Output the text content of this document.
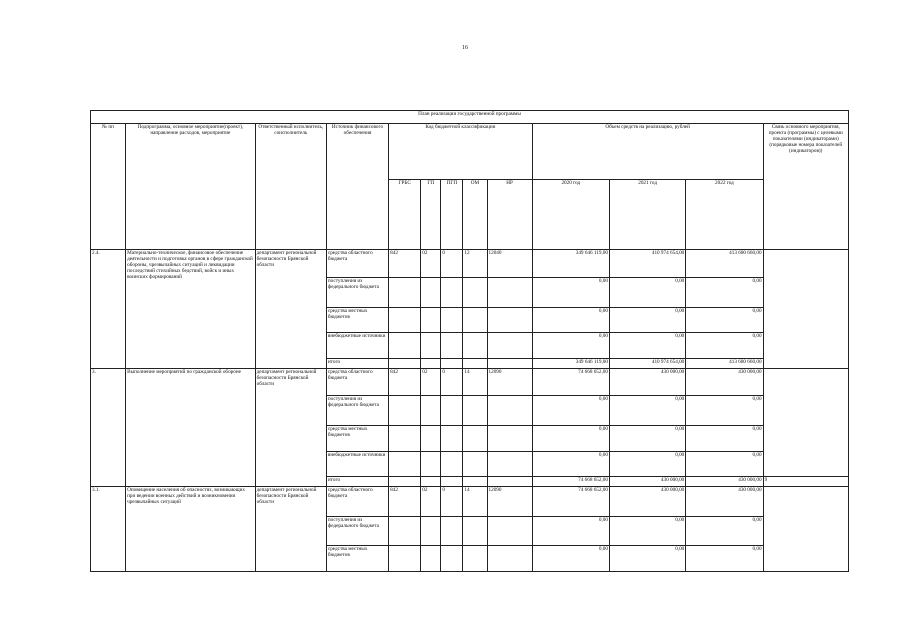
16
План реализации государственной программы												
№ пп	Подпрограмма, основное мероприятие(проект), направление расходов, мероприятие	Ответственный исполнитель, соисполнитель	Источник финансового обеспечения	Код бюджетной классификации					Объем средств на реализацию, рублей			Связь основного мероприятия, проекта (программы) с целевыми показателями (индикаторами) (порядковые номера показателей (индикаторов))
				ГРБС	ГП	ПГП	ОМ	НР	2020 год	2021 год	2022 год	
2.4.	Материально-техническое, финансовое обеспечение деятельности и подготовка органов в сфере гражданской обороны, чрезвычайных ситуаций и ликвидации последствий стихийных бедствий, войск и иных воинских формирований	департамент региональной безопасности Брянской области	средства областного бюджета	842	02	0	12	12040	349 646 119,00	410 974 654,00	413 680 660,00	
			поступления из федерального бюджета						0,00	0,00	0,00	
			средства местных бюджетов						0,00	0,00	0,00	
			внебюджетные источники						0,00	0,00	0,00	
			итого						349 646 119,00	410 974 654,00	413 680 660,00	
3.	Выполнение мероприятий по гражданской обороне	департамент региональной безопасности Брянской области	средства областного бюджета	842	02	0	14	12090	74 668 652,00	430 000,00	430 000,00	
			поступления из федерального бюджета						0,00	0,00	0,00	
			средства местных бюджетов						0,00	0,00	0,00	
			внебюджетные источники						0,00	0,00	0,00	
			итого						74 668 652,00	430 000,00	430 000,00	9
3.1.	Оповещение населения об опасностях, возникающих при ведении военных действий и возникновении чрезвычайных ситуаций	департамент региональной безопасности Брянской области	средства областного бюджета	842	02	0	14	12090	74 668 652,00	430 000,00	430 000,00	
			поступления из федерального бюджета						0,00	0,00	0,00	
			средства местных бюджетов						0,00	0,00	0,00	
